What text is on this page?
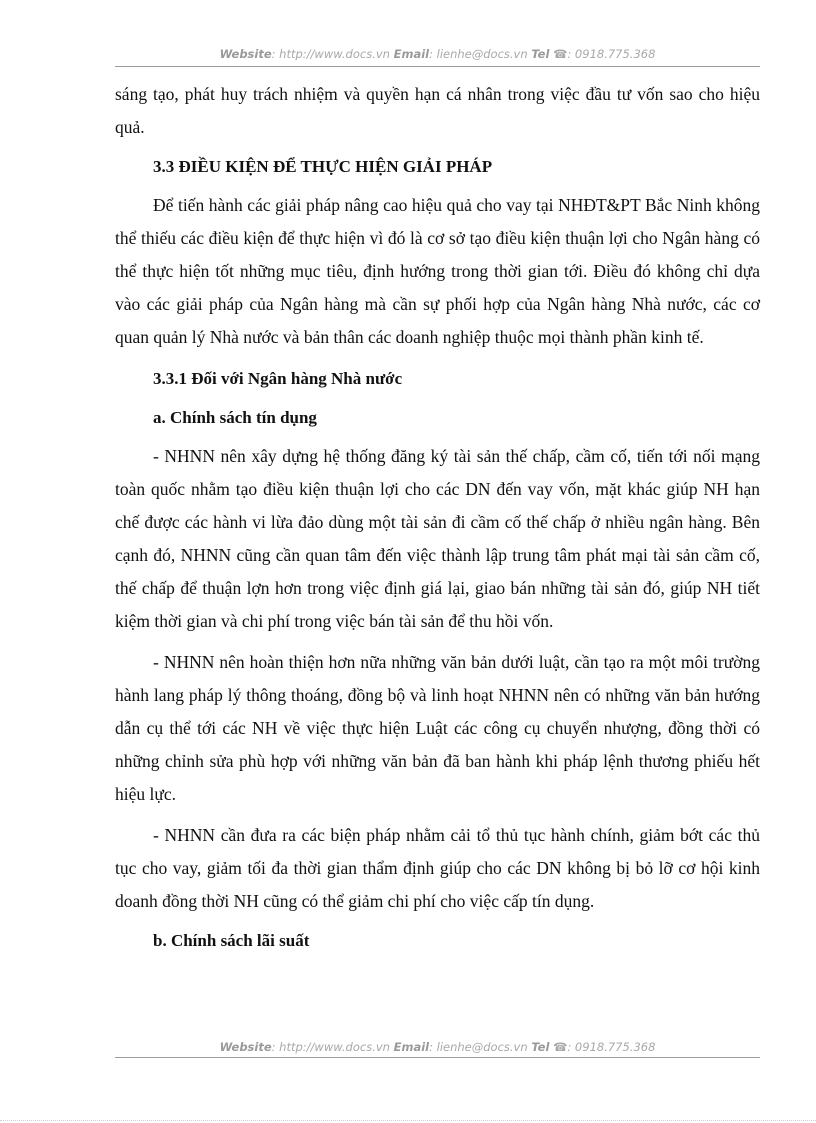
Website: http://www.docs.vn Email: lienhe@docs.vn Tel ☎: 0918.775.368

sáng tạo, phát huy trách nhiệm và quyền hạn cá nhân trong việc đầu tư vốn sao cho hiệu quả.

3.3 ĐIỀU KIỆN ĐỂ THỰC HIỆN GIẢI PHÁP

Để tiến hành các giải pháp nâng cao hiệu quả cho vay tại NHĐT&PT Bắc Ninh không thể thiếu các điều kiện để thực hiện vì đó là cơ sở tạo điều kiện thuận lợi cho Ngân hàng có thể thực hiện tốt những mục tiêu, định hướng trong thời gian tới. Điều đó không chỉ dựa vào các giải pháp của Ngân hàng mà cần sự phối hợp của Ngân hàng Nhà nước, các cơ quan quản lý Nhà nước và bản thân các doanh nghiệp thuộc mọi thành phần kinh tế.

3.3.1 Đối với Ngân hàng Nhà nước
a. Chính sách tín dụng

- NHNN nên xây dựng hệ thống đăng ký tài sản thế chấp, cầm cố, tiến tới nối mạng toàn quốc nhằm tạo điều kiện thuận lợi cho các DN đến vay vốn, mặt khác giúp NH hạn chế được các hành vi lừa đảo dùng một tài sản đi cầm cố thế chấp ở nhiều ngân hàng. Bên cạnh đó, NHNN cũng cần quan tâm đến việc thành lập trung tâm phát mại tài sản cầm cố, thế chấp để thuận lợn hơn trong việc định giá lại, giao bán những tài sản đó, giúp NH tiết kiệm thời gian và chi phí trong việc bán tài sản để thu hồi vốn.

- NHNN nên hoàn thiện hơn nữa những văn bản dưới luật, cần tạo ra một môi trường hành lang pháp lý thông thoáng, đồng bộ và linh hoạt NHNN nên có những văn bản hướng dẫn cụ thể tới các NH về việc thực hiện Luật các công cụ chuyển nhượng, đồng thời có những chỉnh sửa phù hợp với những văn bản đã ban hành khi pháp lệnh thương phiếu hết hiệu lực.

- NHNN cần đưa ra các biện pháp nhằm cải tổ thủ tục hành chính, giảm bớt các thủ tục cho vay, giảm tối đa thời gian thẩm định giúp cho các DN không bị bỏ lỡ cơ hội kinh doanh đồng thời NH cũng có thể giảm chi phí cho việc cấp tín dụng.

b. Chính sách lãi suất
Website: http://www.docs.vn Email: lienhe@docs.vn Tel ☎: 0918.775.368
